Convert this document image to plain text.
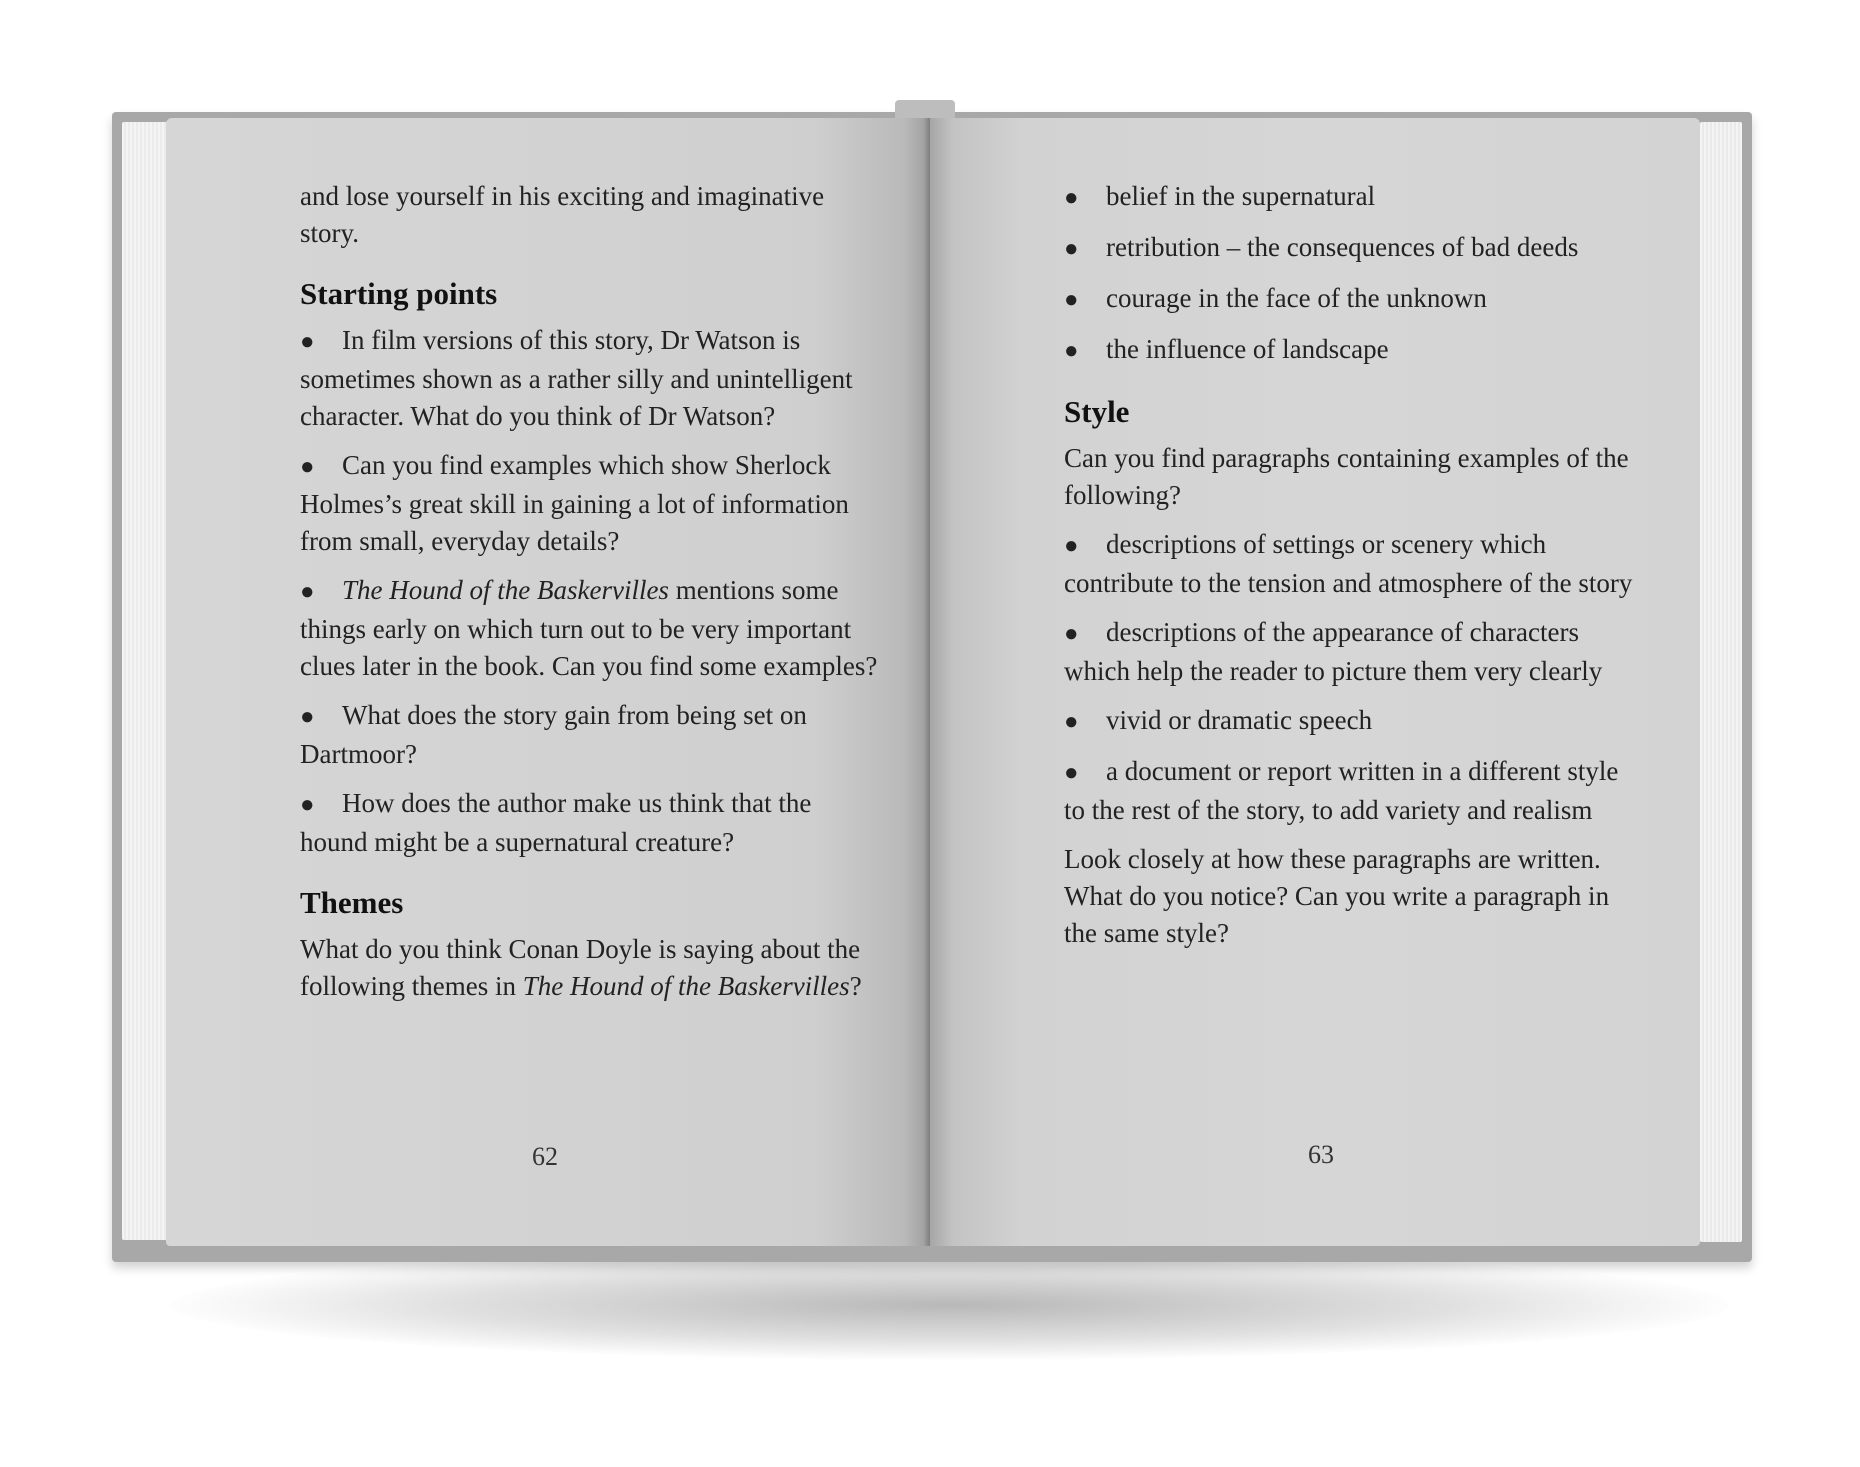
and lose yourself in his exciting and imaginative story.

Starting points

● In film versions of this story, Dr Watson is sometimes shown as a rather silly and unintelligent character. What do you think of Dr Watson?

● Can you find examples which show Sherlock Holmes’s great skill in gaining a lot of information from small, everyday details?

● The Hound of the Baskervilles mentions some things early on which turn out to be very important clues later in the book. Can you find some examples?

● What does the story gain from being set on Dartmoor?

● How does the author make us think that the hound might be a supernatural creature?

Themes

What do you think Conan Doyle is saying about the following themes in The Hound of the Baskervilles?

62

● belief in the supernatural

● retribution – the consequences of bad deeds

● courage in the face of the unknown

● the influence of landscape

Style

Can you find paragraphs containing examples of the following?

● descriptions of settings or scenery which contribute to the tension and atmosphere of the story

● descriptions of the appearance of characters which help the reader to picture them very clearly

● vivid or dramatic speech

● a document or report written in a different style to the rest of the story, to add variety and realism

Look closely at how these paragraphs are written. What do you notice? Can you write a paragraph in the same style?

63
